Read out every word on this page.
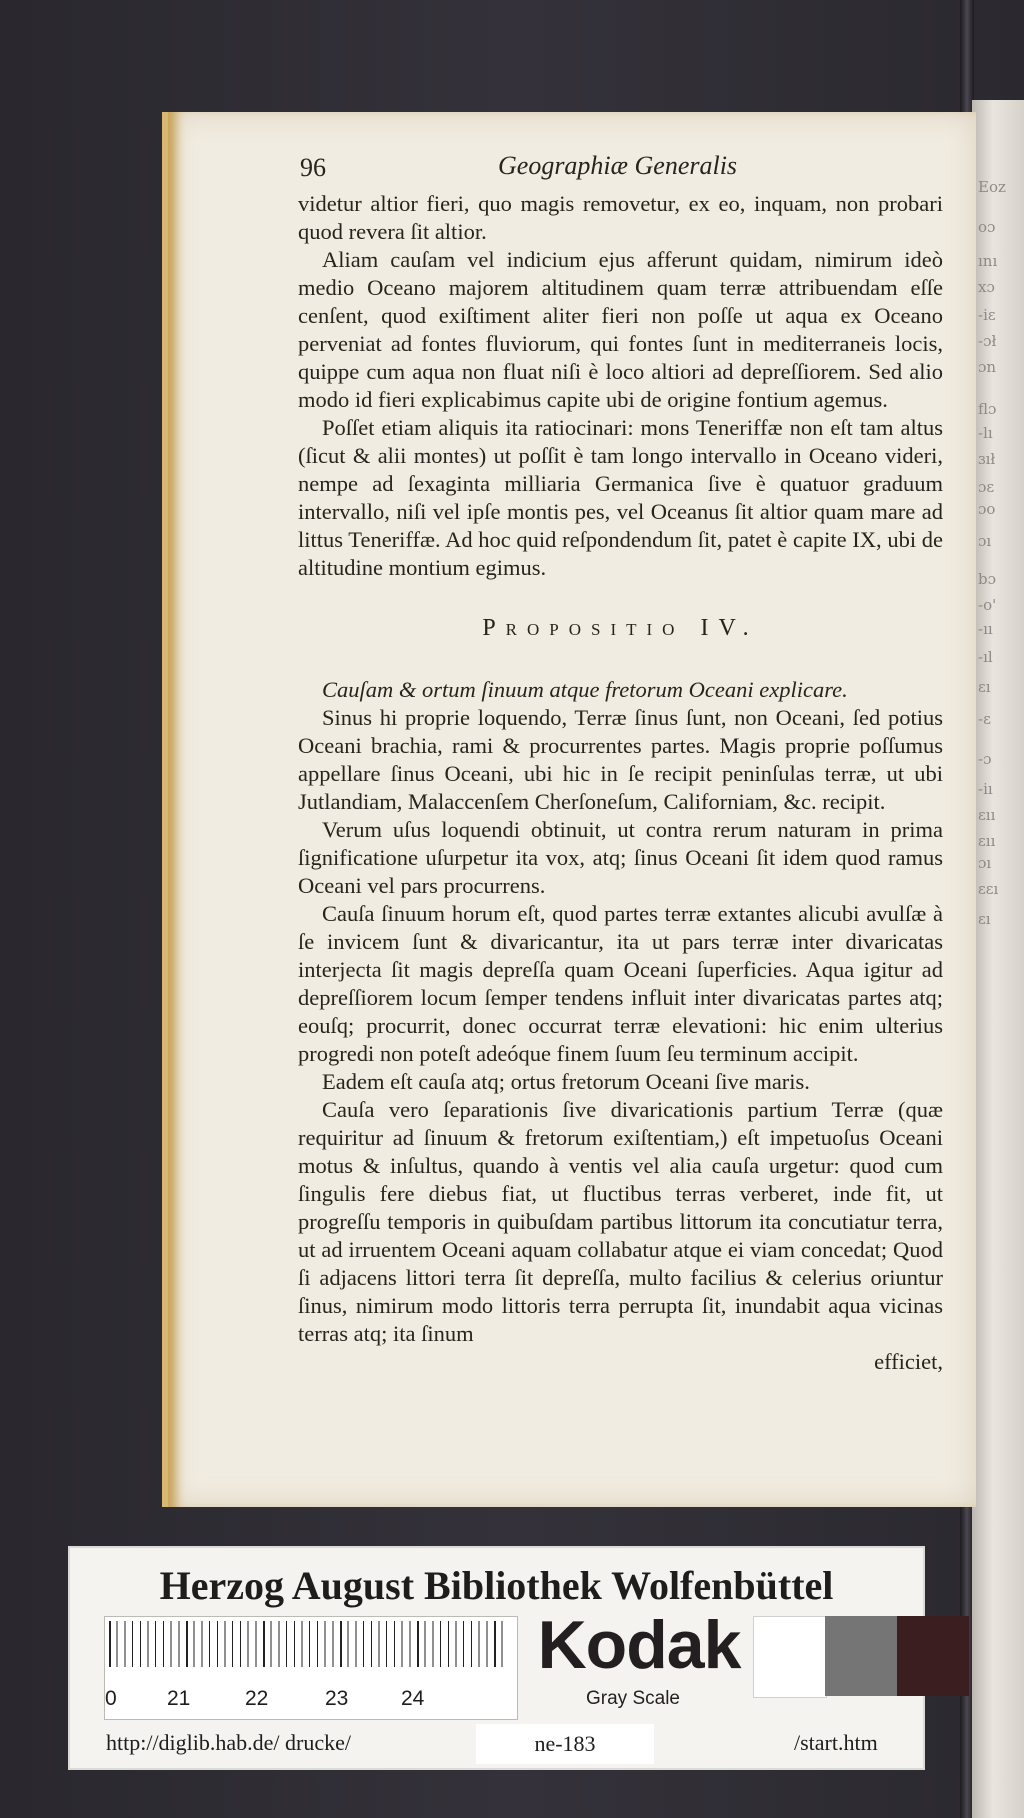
Eoz
oɔ
ını
xɔ
-iɛ
-ɔł
ɔn
flɔ
-lı
ɜıł
ɔɛ
ɔo
ɔı
bɔ
-o'
-ıı
-ıl
ɛı
-ɛ
-ɔ
-iı
ɛıı
ɛıı
ɔı
ɛɛı
ɛı
96	Geographiæ Generalis

videtur altior fieri, quo magis removetur, ex eo, inquam, non probari quod revera ſit altior.

Aliam cauſam vel indicium ejus afferunt quidam, nimirum ideò medio Oceano majorem altitudinem quam terræ attribuendam eſſe cenſent, quod exiſtiment aliter fieri non poſſe ut aqua ex Oceano perveniat ad fontes fluviorum, qui fontes ſunt in mediterraneis locis, quippe cum aqua non fluat niſi è loco altiori ad depreſſiorem. Sed alio modo id fieri explicabimus capite ubi de origine fontium agemus.

Poſſet etiam aliquis ita ratiocinari: mons Teneriffæ non eſt tam altus (ſicut & alii montes) ut poſſit è tam longo intervallo in Oceano videri, nempe ad ſexaginta milliaria Germanica ſive è quatuor graduum intervallo, niſi vel ipſe montis pes, vel Oceanus ſit altior quam mare ad littus Teneriffæ. Ad hoc quid reſpondendum ſit, patet è capite IX, ubi de altitudine montium egimus.

Propositio IV.

Cauſam & ortum ſinuum atque fretorum Oceani explicare.

Sinus hi proprie loquendo, Terræ ſinus ſunt, non Oceani, ſed potius Oceani brachia, rami & procurrentes partes. Magis proprie poſſumus appellare ſinus Oceani, ubi hic in ſe recipit peninſulas terræ, ut ubi Jutlandiam, Malaccenſem Cherſoneſum, Californiam, &c. recipit.

Verum uſus loquendi obtinuit, ut contra rerum naturam in prima ſignificatione uſurpetur ita vox, atq; ſinus Oceani ſit idem quod ramus Oceani vel pars procurrens.

Cauſa ſinuum horum eſt, quod partes terræ extantes alicubi avulſæ à ſe invicem ſunt & divaricantur, ita ut pars terræ inter divaricatas interjecta ſit magis depreſſa quam Oceani ſuperficies. Aqua igitur ad depreſſiorem locum ſemper tendens influit inter divaricatas partes atq; eouſq; procurrit, donec occurrat terræ elevationi: hic enim ulterius progredi non poteſt adeóque finem ſuum ſeu terminum accipit.

Eadem eſt cauſa atq; ortus fretorum Oceani ſive maris.

Cauſa vero ſeparationis ſive divaricationis partium Terræ (quæ requiritur ad ſinuum & fretorum exiſtentiam,) eſt impetuoſus Oceani motus & inſultus, quando à ventis vel alia cauſa urgetur: quod cum ſingulis fere diebus fiat, ut fluctibus terras verberet, inde fit, ut progreſſu temporis in quibuſdam partibus littorum ita concutiatur terra, ut ad irruentem Oceani aquam collabatur atque ei viam concedat; Quod ſi adjacens littori terra ſit depreſſa, multo facilius & celerius oriuntur ſinus, nimirum modo littoris terra perrupta ſit, inundabit aqua vicinas terras atq; ita ſinum

efficiet,

Herzog August Bibliothek Wolfenbüttel
0 21	22	23	24
Kodak
Gray Scale
http://diglib.hab.de/ drucke/	ne-183	/start.htm
